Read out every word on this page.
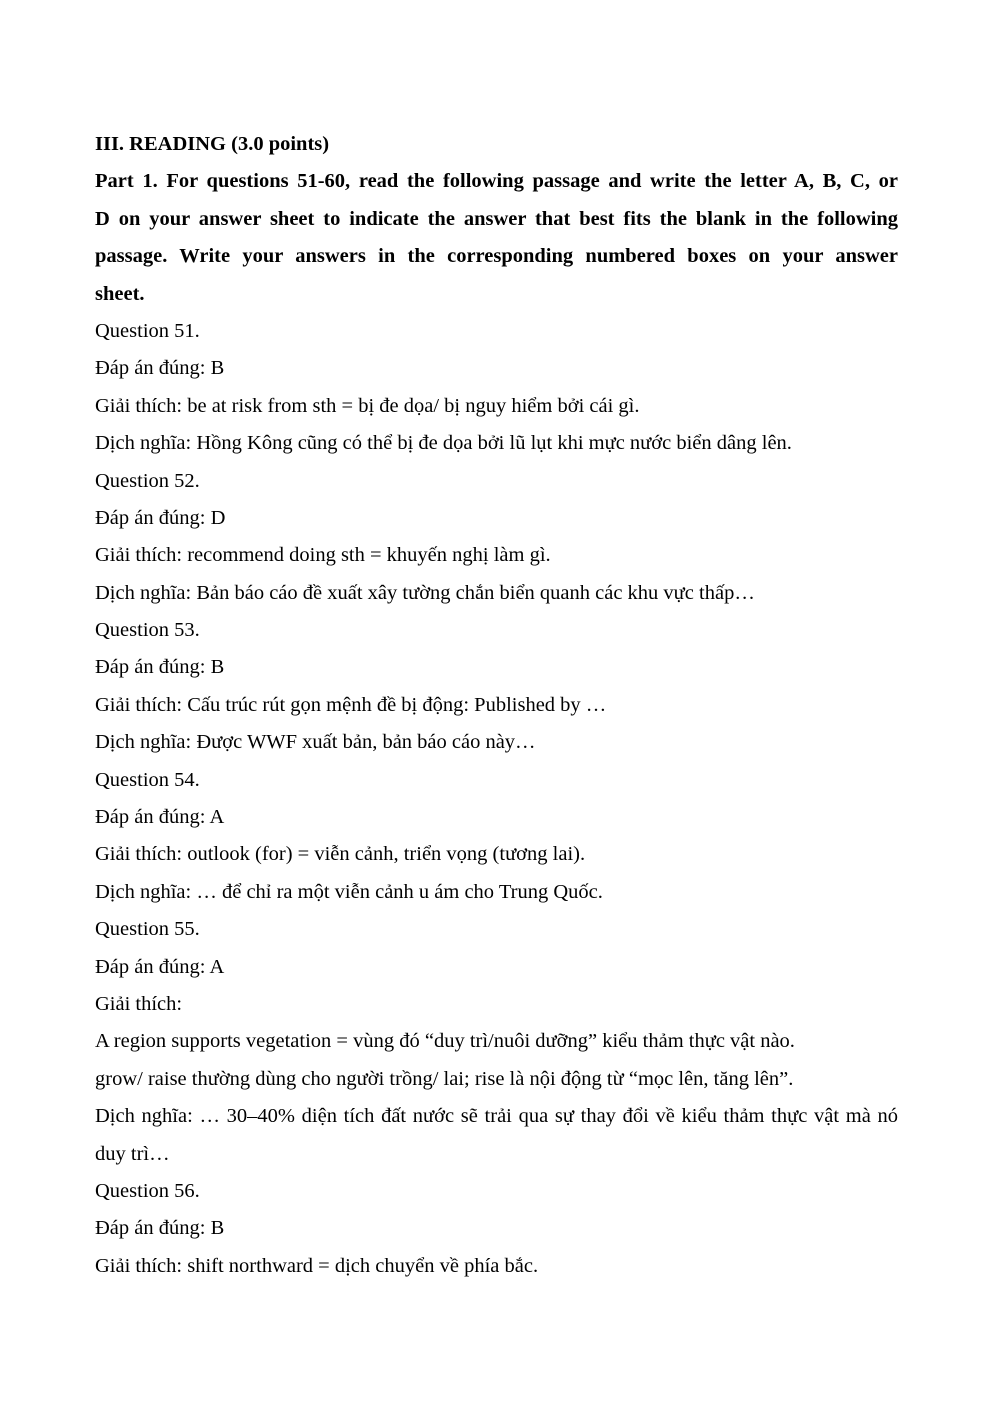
III. READING (3.0 points)
Part 1. For questions 51-60, read the following passage and write the letter A, B, C, or
D on your answer sheet to indicate the answer that best fits the blank in the following
passage. Write your answers in the corresponding numbered boxes on your answer
sheet.
Question 51.
Đáp án đúng: B
Giải thích: be at risk from sth = bị đe dọa/ bị nguy hiểm bởi cái gì.
Dịch nghĩa: Hồng Kông cũng có thể bị đe dọa bởi lũ lụt khi mực nước biển dâng lên.
Question 52.
Đáp án đúng: D
Giải thích: recommend doing sth = khuyến nghị làm gì.
Dịch nghĩa: Bản báo cáo đề xuất xây tường chắn biển quanh các khu vực thấp…
Question 53.
Đáp án đúng: B
Giải thích: Cấu trúc rút gọn mệnh đề bị động: Published by …
Dịch nghĩa: Được WWF xuất bản, bản báo cáo này…
Question 54.
Đáp án đúng: A
Giải thích: outlook (for) = viễn cảnh, triển vọng (tương lai).
Dịch nghĩa: … để chỉ ra một viễn cảnh u ám cho Trung Quốc.
Question 55.
Đáp án đúng: A
Giải thích:
A region supports vegetation = vùng đó “duy trì/nuôi dưỡng” kiểu thảm thực vật nào.
grow/ raise thường dùng cho người trồng/ lai; rise là nội động từ “mọc lên, tăng lên”.
Dịch nghĩa: … 30–40% diện tích đất nước sẽ trải qua sự thay đổi về kiểu thảm thực vật mà nó duy trì…
Question 56.
Đáp án đúng: B
Giải thích: shift northward = dịch chuyển về phía bắc.
